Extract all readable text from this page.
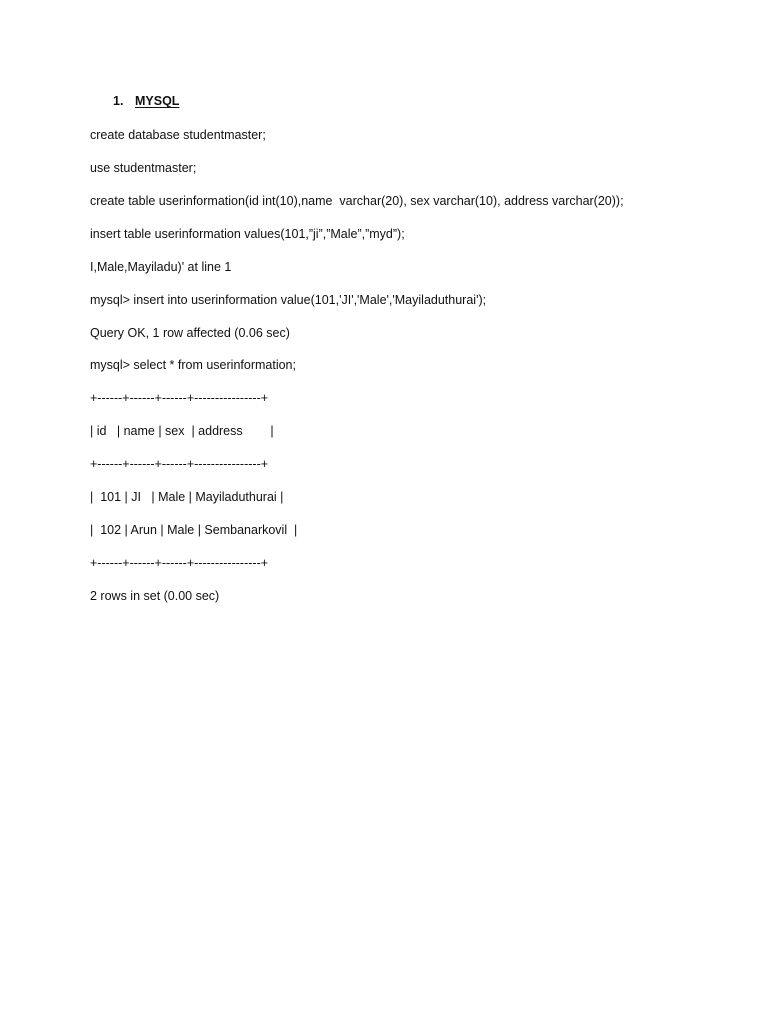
1. MYSQL
create database studentmaster;
use studentmaster;
create table userinformation(id int(10),name  varchar(20), sex varchar(10), address varchar(20));
insert table userinformation values(101,”ji”,”Male”,”myd”);
I,Male,Mayiladu)' at line 1
mysql> insert into userinformation value(101,'JI','Male','Mayiladuthurai');
Query OK, 1 row affected (0.06 sec)
mysql> select * from userinformation;
+------+------+------+----------------+
| id   | name | sex  | address        |
+------+------+------+----------------+
|  101 | JI   | Male | Mayiladuthurai |
|  102 | Arun | Male | Sembanarkovil  |
+------+------+------+----------------+
2 rows in set (0.00 sec)
